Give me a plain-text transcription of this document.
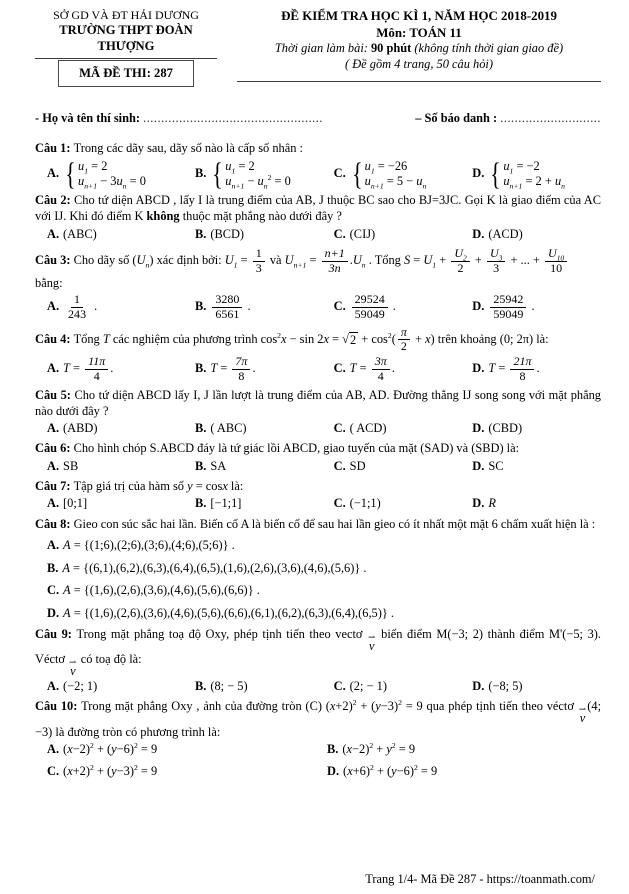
SỞ GD VÀ ĐT HẢI DƯƠNG
TRƯỜNG THPT ĐOÀN THƯỢNG
MÃ ĐỀ THI: 287
ĐỀ KIỂM TRA HỌC KÌ 1, NĂM HỌC 2018-2019
Môn: TOÁN 11
Thời gian làm bài: 90 phút (không tính thời gian giao đề)
( Đề gồm 4 trang, 50 câu hỏi)
- Họ và tên thí sinh: ..................................................	– Số báo danh : ............................
Câu 1: Trong các dãy sau, dãy số nào là cấp số nhân :
A. { $u_1 = 2$
$u_{n+1} - 3u_n = 0$
B. { $u_1 = 2$
$u_{n+1} - u_n^2 = 0$
C. { $u_1 = -26$
$u_{n+1} = 5 - u_n$
D. { $u_1 = -2$
$u_{n+1} = 2 + u_n$
Câu 2: Cho tứ diện ABCD , lấy I là trung điểm của AB, J thuộc BC sao cho BJ=3JC. Gọi K là giao điểm của AC với IJ. Khi đó điểm K không thuộc mặt phẳng nào dưới đây ?
A. (ABC)	B. (BCD)	C. (CIJ)	D. (ACD)
Câu 3: Cho dãy số $(U_n)$ xác định bởi: $U_1 = \frac{1}{3}$ và $U_{n+1} = \frac{n+1}{3n} .U_n$ . Tổng $S = U_1 + \frac{U_2}{2} + \frac{U_3}{3}$ + ... + $\frac{U_{10}}{10}$
bằng:
A. $\frac{1}{243}$ .	B. $\frac{3280}{6561}$ .	C. $\frac{29524}{59049}$ .	D. $\frac{25942}{59049}$ .
Câu 4: Tổng T các nghiệm của phương trình $\cos^2x - \sin 2x$ = √ $2 + \cos^2( \frac{\pi}{2} + x)$ trên khoảng (0; 2π) là:
A. $T = \frac{11\pi}{4}$ .	B. $T = \frac{7\pi}{8}$ .	C. $T = \frac{3\pi}{4}$ .	D. $T = \frac{21\pi}{8}$ .
Câu 5: Cho tứ diện ABCD lấy I, J lần lượt là trung điểm của AB, AD. Đường thẳng IJ song song với mặt phẳng nào dưới đây ?
A. (ABD)	B. ( ABC)	C. ( ACD)	D. (CBD)
Câu 6: Cho hình chóp S.ABCD đáy là tứ giác lồi ABCD, giao tuyến của mặt (SAD) và (SBD) là:
A. SB	B. SA	C. SD	D. SC
Câu 7: Tập giá trị của hàm số y = cosx là:
A. [0;1]	B. [−1;1]	C. (−1;1)	D. R
Câu 8: Gieo con súc sắc hai lần. Biến cố A là biến cố để sau hai lần gieo có ít nhất một mặt 6 chấm xuất hiện là :
A. A = {(1;6),(2;6),(3;6),(4;6),(5;6)} .
B. A = {(6,1),(6,2),(6,3),(6,4),(6,5),(1,6),(2,6),(3,6),(4,6),(5,6)} .
C. A = {(1,6),(2,6),(3,6),(4,6),(5,6),(6,6)} .
D. A = {(1,6),(2,6),(3,6),(4,6),(5,6),(6,6),(6,1),(6,2),(6,3),(6,4),(6,5)} .
Câu 9: Trong mặt phẳng toạ độ Oxy, phép tịnh tiến theo vectơ ⇀
v
biến điểm M(−3; 2) thành điểm M'(−5; 3). Véctơ ⇀
v
có toạ độ là:
A. (−2; 1)	B. (8; − 5)	C. (2; − 1)	D. (−8; 5)
Câu 10: Trong mặt phẳng Oxy , ảnh của đường tròn (C) $(x+2)^2 + (y-3)^2 = 9$ qua phép tịnh tiến theo véctơ ⇀
v
(4; −3) là đường tròn có phương trình là:
A. $(x-2)^2 + (y-6)^2 = 9$	B. $(x-2)^2 + y^2 = 9$
C. $(x+2)^2 + (y-3)^2 = 9$	D. $(x+6)^2 + (y-6)^2 = 9$
Trang 1/4- Mã Đề 287 - https://toanmath.com/
